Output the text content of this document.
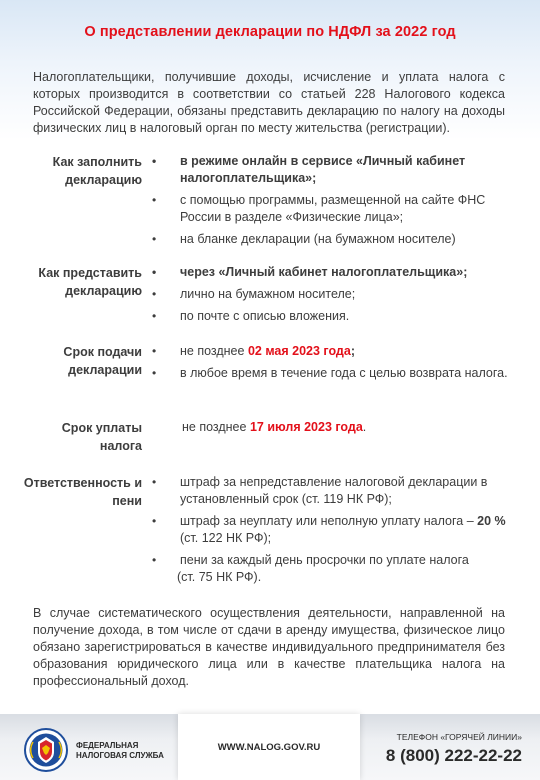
О представлении декларации по НДФЛ за 2022 год
Налогоплательщики, получившие доходы, исчисление и уплата налога с которых производится в соответствии со статьей 228 Налогового кодекса Российской Федерации, обязаны представить декларацию по налогу на доходы физических лиц в налоговый орган по месту жительства (регистрации).
Как заполнить декларацию
• в режиме онлайн в сервисе «Личный кабинет налогоплательщика»;
• с помощью программы, размещенной на сайте ФНС России в разделе «Физические лица»;
• на бланке декларации (на бумажном носителе)
Как представить декларацию
• через «Личный кабинет налогоплательщика»;
• лично на бумажном носителе;
• по почте с описью вложения.
Срок подачи декларации
• не позднее 02 мая 2023 года;
• в любое время в течение года с целью возврата налога.
Срок уплаты налога
не позднее 17 июля 2023 года.
Ответственность и пени
• штраф за непредставление налоговой декларации в установленный срок (ст. 119 НК РФ);
• штраф за неуплату или неполную уплату налога – 20 %
(ст. 122 НК РФ);
• пени за каждый день просрочки по уплате налога
(ст. 75 НК РФ).
В случае систематического осуществления деятельности, направленной на получение дохода, в том числе от сдачи в аренду имущества, физическое лицо обязано зарегистрироваться в качестве индивидуального предпринимателя без образования юридического лица или в качестве плательщика налога на профессиональный доход.
ФЕДЕРАЛЬНАЯ
НАЛОГОВАЯ СЛУЖБА
WWW.NALOG.GOV.RU
ТЕЛЕФОН «ГОРЯЧЕЙ ЛИНИИ»
8 (800) 222-22-22
